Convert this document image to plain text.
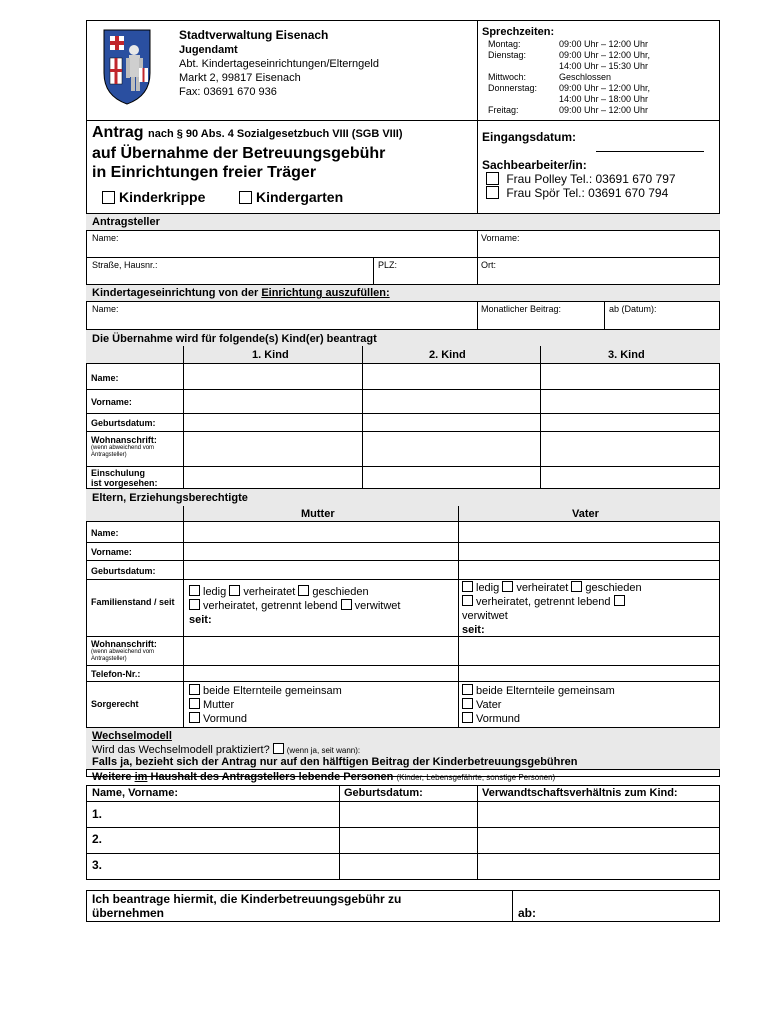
Stadtverwaltung Eisenach
Jugendamt
Abt. Kindertageseinrichtungen/Elterngeld
Markt 2, 99817 Eisenach
Fax: 03691 670 936
Sprechzeiten:
Montag:	09:00 Uhr – 12:00 Uhr
Dienstag:	09:00 Uhr – 12:00 Uhr,
14:00 Uhr – 15:30 Uhr
Mittwoch:	Geschlossen
Donnerstag: 09:00 Uhr – 12:00 Uhr,
14:00 Uhr – 18:00 Uhr
Freitag:	09:00 Uhr – 12:00 Uhr
Antrag nach § 90 Abs. 4 Sozialgesetzbuch VIII (SGB VIII)
auf Übernahme der Betreuungsgebühr
in Einrichtungen freier Träger
Kinderkrippe	Kindergarten
Eingangsdatum:
Sachbearbeiter/in:
Frau Polley Tel.: 03691 670 797
Frau Spör Tel.: 03691 670 794
Antragsteller
Name:	Vorname:
Straße, Hausnr.:	PLZ:	Ort:
Kindertageseinrichtung von der Einrichtung auszufüllen:
Name:	Monatlicher Beitrag:	ab (Datum):
Die Übernahme wird für folgende(s) Kind(er) beantragt
1. Kind	2. Kind	3. Kind
Name:
Vorname:
Geburtsdatum:
Wohnanschrift:
(wenn abweichend vom Antragsteller)
Einschulung
ist vorgesehen:
Eltern, Erziehungsberechtigte
Mutter	Vater
Name:
Vorname:
Geburtsdatum:
Familienstand / seit
ledig verheiratet geschieden
verheiratet, getrennt lebend verwitwet
seit:
ledig verheiratet geschieden
verheiratet, getrennt lebend
verwitwet
seit:
Wohnanschrift:
(wenn abweichend vom Antragsteller)
Telefon-Nr.:
Sorgerecht
beide Elternteile gemeinsam
Mutter
Vormund
beide Elternteile gemeinsam
Vater
Vormund
Wechselmodell
Wird das Wechselmodell praktiziert? (wenn ja, seit wann):
Falls ja, bezieht sich der Antrag nur auf den hälftigen Beitrag der Kinderbetreuungsgebühren
Weitere im Haushalt des Antragstellers lebende Personen (Kinder, Lebensgefährte, sonstige Personen)
Name, Vorname:	Geburtsdatum:	Verwandtschaftsverhältnis zum Kind:
1.
2.
3.
Ich beantrage hiermit, die Kinderbetreuungsgebühr zu
übernehmen	ab:
